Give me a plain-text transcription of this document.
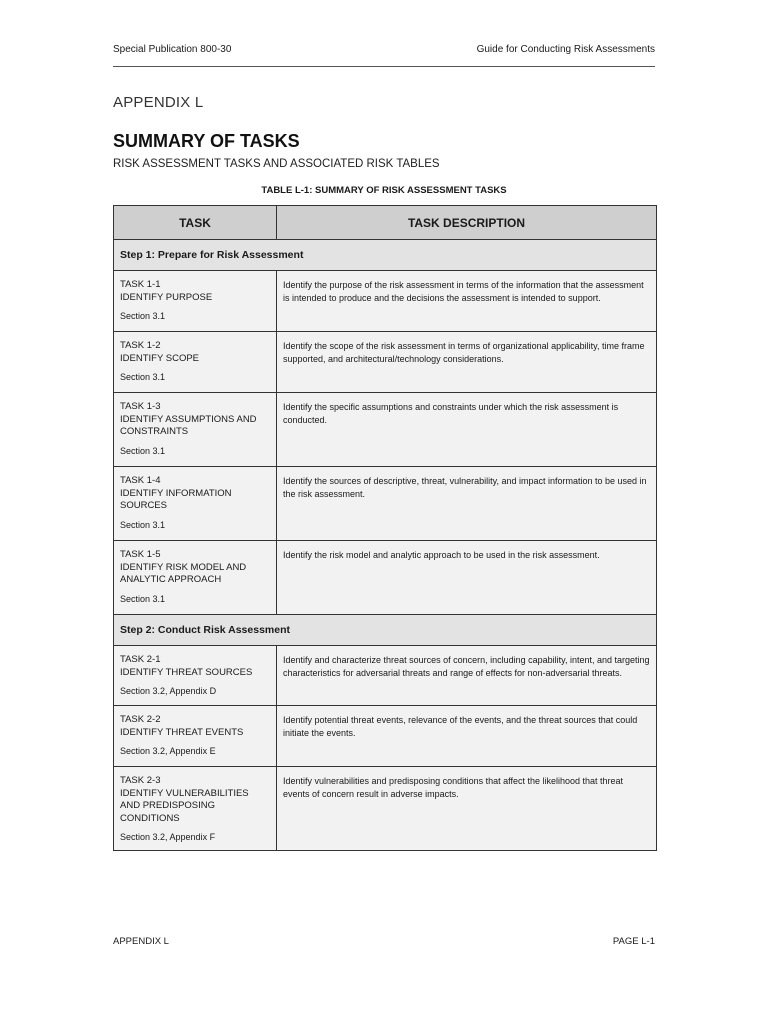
Special Publication 800-30	Guide for Conducting Risk Assessments
APPENDIX L
SUMMARY OF TASKS
RISK ASSESSMENT TASKS AND ASSOCIATED RISK TABLES
TABLE L-1: SUMMARY OF RISK ASSESSMENT TASKS
TASK	TASK DESCRIPTION
Step 1: Prepare for Risk Assessment	

TASK 1-1
IDENTIFY PURPOSE
Section 3.1	Identify the purpose of the risk assessment in terms of the information that the assessment is intended to produce and the decisions the assessment is intended to support.

TASK 1-2
IDENTIFY SCOPE
Section 3.1	Identify the scope of the risk assessment in terms of organizational applicability, time frame supported, and architectural/technology considerations.

TASK 1-3
IDENTIFY ASSUMPTIONS AND CONSTRAINTS
Section 3.1	Identify the specific assumptions and constraints under which the risk assessment is conducted.

TASK 1-4
IDENTIFY INFORMATION SOURCES
Section 3.1	Identify the sources of descriptive, threat, vulnerability, and impact information to be used in the risk assessment.

TASK 1-5
IDENTIFY RISK MODEL AND ANALYTIC APPROACH
Section 3.1	Identify the risk model and analytic approach to be used in the risk assessment.
Step 2: Conduct Risk Assessment	

TASK 2-1
IDENTIFY THREAT SOURCES
Section 3.2, Appendix D	Identify and characterize threat sources of concern, including capability, intent, and targeting characteristics for adversarial threats and range of effects for non-adversarial threats.

TASK 2-2
IDENTIFY THREAT EVENTS
Section 3.2, Appendix E	Identify potential threat events, relevance of the events, and the threat sources that could initiate the events.

TASK 2-3
IDENTIFY VULNERABILITIES AND PREDISPOSING CONDITIONS
Section 3.2, Appendix F	Identify vulnerabilities and predisposing conditions that affect the likelihood that threat events of concern result in adverse impacts.
APPENDIX L	PAGE L-1
